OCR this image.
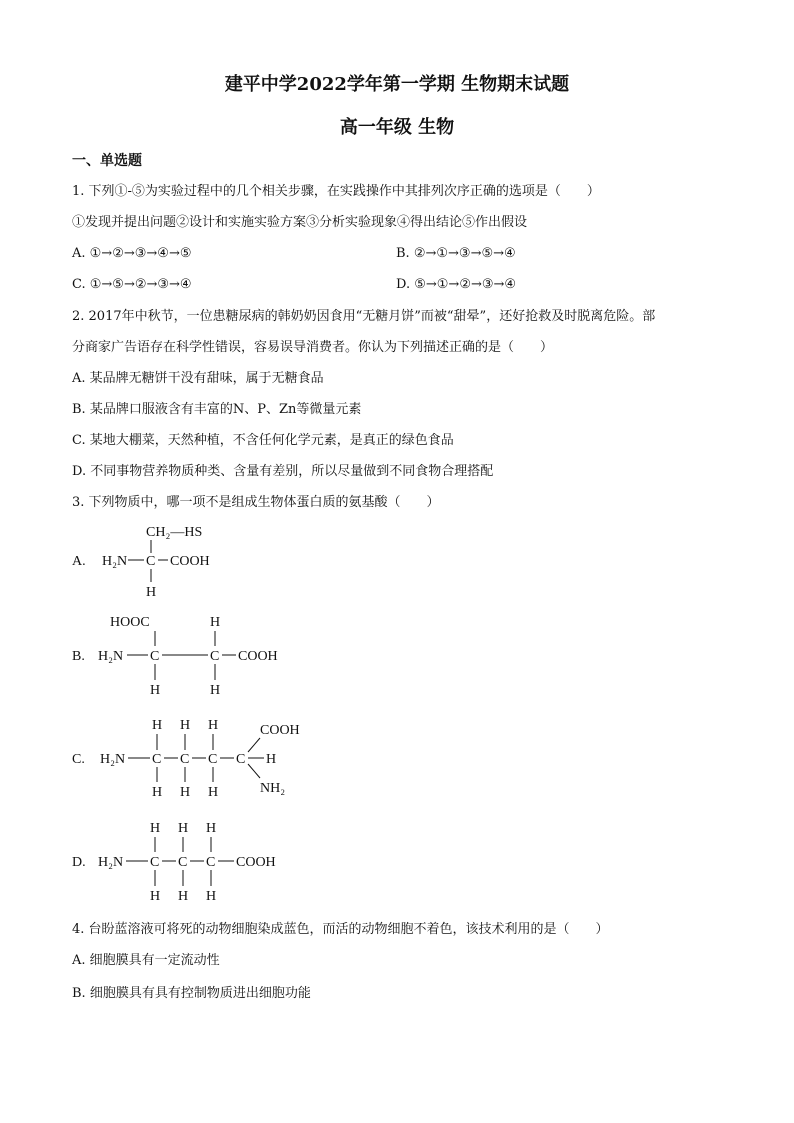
建平中学2022学年第一学期 生物期末试题
高一年级 生物
一、单选题
1. 下列①-⑤为实验过程中的几个相关步骤，在实践操作中其排列次序正确的选项是（　　）
①发现并提出问题②设计和实施实验方案③分析实验现象④得出结论⑤作出假设
A. ①→②→③→④→⑤	B. ②→①→③→⑤→④
C. ①→⑤→②→③→④	D. ⑤→①→②→③→④
2. 2017年中秋节，一位患糖尿病的韩奶奶因食用“无糖月饼”而被“甜晕”，还好抢救及时脱离危险。部
分商家广告语存在科学性错误，容易误导消费者。你认为下列描述正确的是（　　）
A. 某品牌无糖饼干没有甜味，属于无糖食品
B. 某品牌口服液含有丰富的N、P、Zn等微量元素
C. 某地大棚菜，天然种植，不含任何化学元素，是真正的绿色食品
D. 不同事物营养物质种类、含量有差别，所以尽量做到不同食物合理搭配
3. 下列物质中，哪一项不是组成生物体蛋白质的氨基酸（　　）
A.
CH₂—HS
H₂N C COOH
H
B.
HOOC	H
H₂N C	C COOH
H	H
C.
H H H	COOH
H₂N C C C C H
H H H	NH₂
D.
H H H
H₂N C C C COOH
H H H
4. 台盼蓝溶液可将死的动物细胞染成蓝色，而活的动物细胞不着色，该技术利用的是（　　）
A. 细胞膜具有一定流动性
B. 细胞膜具有具有控制物质进出细胞功能
